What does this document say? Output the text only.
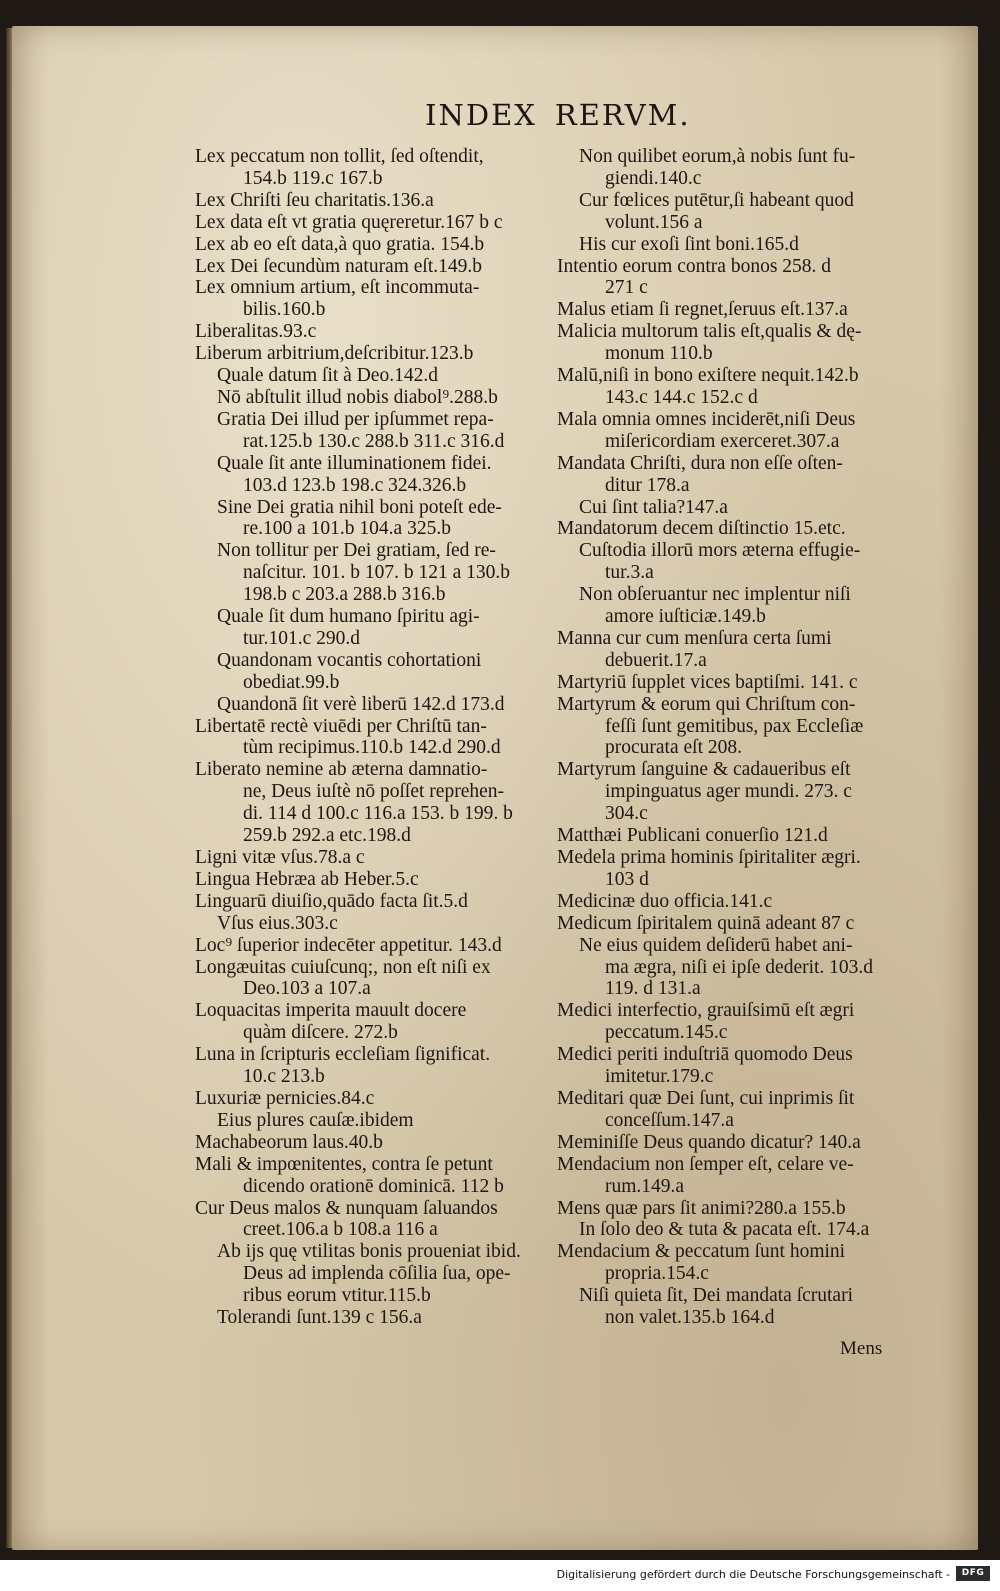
INDEX RERVM.
Lex peccatum non tollit, ſed oſtendit,
154.b 119.c 167.b
Lex Chriſti ſeu charitatis.136.a
Lex data eſt vt gratia quęreretur.167 b c
Lex ab eo eſt data,à quo gratia. 154.b
Lex Dei ſecundùm naturam eſt.149.b
Lex omnium artium, eſt incommuta-
bilis.160.b
Liberalitas.93.c
Liberum arbitrium,deſcribitur.123.b
Quale datum ſit à Deo.142.d
Nō abſtulit illud nobis diabol⁹.288.b
Gratia Dei illud per ipſummet repa-
rat.125.b 130.c 288.b 311.c 316.d
Quale ſit ante illuminationem fidei.
103.d 123.b 198.c 324.326.b
Sine Dei gratia nihil boni poteſt ede-
re.100 a 101.b 104.a 325.b
Non tollitur per Dei gratiam, ſed re-
naſcitur. 101. b 107. b 121 a 130.b
198.b c 203.a 288.b 316.b
Quale ſit dum humano ſpiritu agi-
tur.101.c 290.d
Quandonam vocantis cohortationi
obediat.99.b
Quandonā ſit verè liberū 142.d 173.d
Libertatē rectè viuēdi per Chriſtū tan-
tùm recipimus.110.b 142.d 290.d
Liberato nemine ab æterna damnatio-
ne, Deus iuſtè nō poſſet reprehen-
di. 114 d 100.c 116.a 153. b 199. b
259.b 292.a etc.198.d
Ligni vitæ vſus.78.a c
Lingua Hebræa ab Heber.5.c
Linguarū diuiſio,quādo facta ſit.5.d
Vſus eius.303.c
Loc⁹ ſuperior indecēter appetitur. 143.d
Longæuitas cuiuſcunq;, non eſt niſi ex
Deo.103 a 107.a
Loquacitas imperita mauult docere
quàm diſcere. 272.b
Luna in ſcripturis eccleſiam ſignificat.
10.c 213.b
Luxuriæ pernicies.84.c
Eius plures cauſæ.ibidem
Machabeorum laus.40.b
Mali & impœnitentes, contra ſe petunt
dicendo orationē dominicā. 112 b
Cur Deus malos & nunquam ſaluandos
creet.106.a b 108.a 116 a
Ab ijs quę vtilitas bonis proueniat ibid.
Deus ad implenda cōſilia ſua, ope-
ribus eorum vtitur.115.b
Tolerandi ſunt.139 c 156.a
Non quilibet eorum,à nobis ſunt fu-
giendi.140.c
Cur fœlices putētur,ſi habeant quod
volunt.156 a
His cur exoſi ſint boni.165.d
Intentio eorum contra bonos 258. d
271 c
Malus etiam ſi regnet,ſeruus eſt.137.a
Malicia multorum talis eſt,qualis & dę-
monum 110.b
Malū,niſi in bono exiſtere nequit.142.b
143.c 144.c 152.c d
Mala omnia omnes inciderēt,niſi Deus
miſericordiam exerceret.307.a
Mandata Chriſti, dura non eſſe oſten-
ditur 178.a
Cui ſint talia?147.a
Mandatorum decem diſtinctio 15.etc.
Cuſtodia illorū mors æterna effugie-
tur.3.a
Non obſeruantur nec implentur niſi
amore iuſticiæ.149.b
Manna cur cum menſura certa ſumi
debuerit.17.a
Martyriū ſupplet vices baptiſmi. 141. c
Martyrum & eorum qui Chriſtum con-
feſſi ſunt gemitibus, pax Eccleſiæ
procurata eſt 208.
Martyrum ſanguine & cadaueribus eſt
impinguatus ager mundi. 273. c
304.c
Matthæi Publicani conuerſio 121.d
Medela prima hominis ſpiritaliter ægri.
103 d
Medicinæ duo officia.141.c
Medicum ſpiritalem quinā adeant 87 c
Ne eius quidem deſiderū habet ani-
ma ægra, niſi ei ipſe dederit. 103.d
119. d 131.a
Medici interfectio, grauiſsimū eſt ægri
peccatum.145.c
Medici periti induſtriā quomodo Deus
imitetur.179.c
Meditari quæ Dei ſunt, cui inprimis ſit
conceſſum.147.a
Meminiſſe Deus quando dicatur? 140.a
Mendacium non ſemper eſt, celare ve-
rum.149.a
Mens quæ pars ſit animi?280.a 155.b
In ſolo deo & tuta & pacata eſt. 174.a
Mendacium & peccatum ſunt homini
propria.154.c
Niſi quieta ſit, Dei mandata ſcrutari
non valet.135.b 164.d
Mens
Digitalisierung gefördert durch die Deutsche Forschungsgemeinschaft -	DFG
